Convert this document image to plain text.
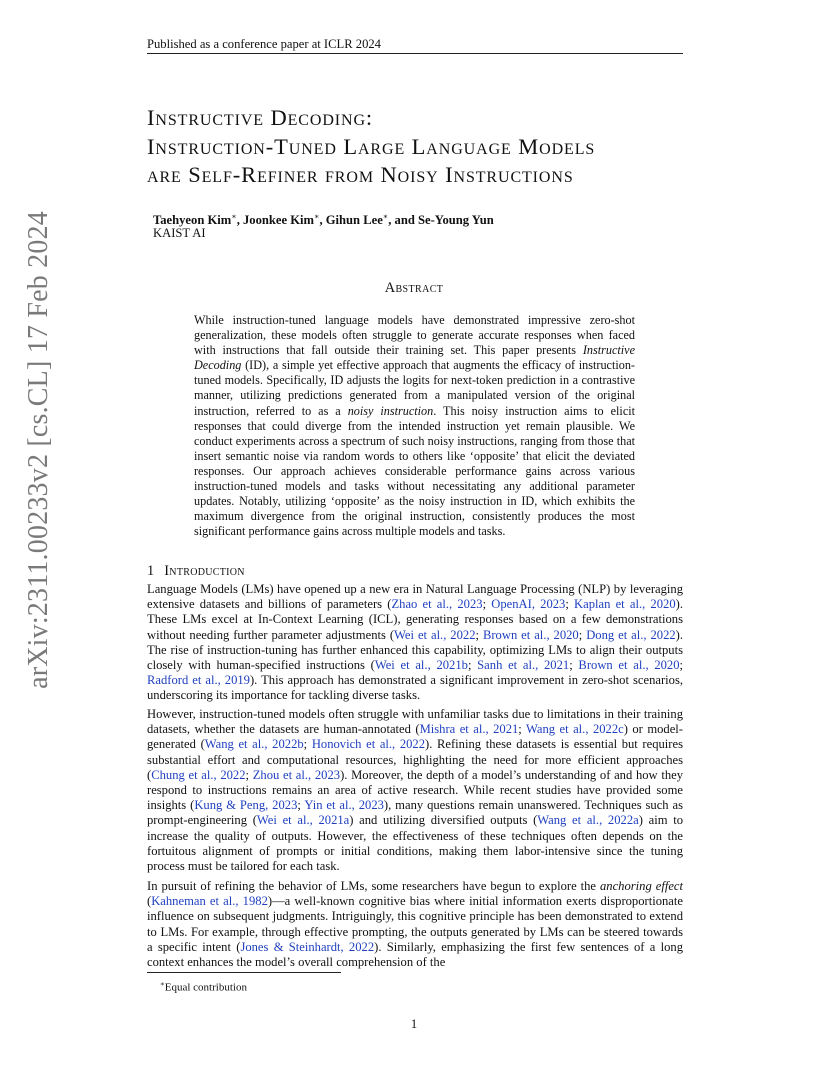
Published as a conference paper at ICLR 2024
arXiv:2311.00233v2 [cs.CL] 17 Feb 2024
Instructive Decoding:
Instruction-Tuned Large Language Models
are Self-Refiner from Noisy Instructions
Taehyeon Kim∗, Joonkee Kim∗, Gihun Lee∗, and Se-Young Yun
KAIST AI
Abstract
While instruction-tuned language models have demonstrated impressive zero-shot generalization, these models often struggle to generate accurate responses when faced with instructions that fall outside their training set. This paper presents Instructive Decoding (ID), a simple yet effective approach that augments the efficacy of instruction-tuned models. Specifically, ID adjusts the logits for next-token prediction in a contrastive manner, utilizing predictions generated from a manipulated version of the original instruction, referred to as a noisy instruction. This noisy instruction aims to elicit responses that could diverge from the intended instruction yet remain plausible. We conduct experiments across a spectrum of such noisy instructions, ranging from those that insert semantic noise via random words to others like ‘opposite’ that elicit the deviated responses. Our approach achieves considerable performance gains across various instruction-tuned models and tasks without necessitating any additional parameter updates. Notably, utilizing ‘opposite’ as the noisy instruction in ID, which exhibits the maximum divergence from the original instruction, consistently produces the most significant performance gains across multiple models and tasks.
1 Introduction
Language Models (LMs) have opened up a new era in Natural Language Processing (NLP) by leveraging extensive datasets and billions of parameters (Zhao et al., 2023; OpenAI, 2023; Kaplan et al., 2020). These LMs excel at In-Context Learning (ICL), generating responses based on a few demonstrations without needing further parameter adjustments (Wei et al., 2022; Brown et al., 2020; Dong et al., 2022). The rise of instruction-tuning has further enhanced this capability, optimizing LMs to align their outputs closely with human-specified instructions (Wei et al., 2021b; Sanh et al., 2021; Brown et al., 2020; Radford et al., 2019). This approach has demonstrated a significant improvement in zero-shot scenarios, underscoring its importance for tackling diverse tasks.
However, instruction-tuned models often struggle with unfamiliar tasks due to limitations in their training datasets, whether the datasets are human-annotated (Mishra et al., 2021; Wang et al., 2022c) or model-generated (Wang et al., 2022b; Honovich et al., 2022). Refining these datasets is essential but requires substantial effort and computational resources, highlighting the need for more efficient approaches (Chung et al., 2022; Zhou et al., 2023). Moreover, the depth of a model’s understanding of and how they respond to instructions remains an area of active research. While recent studies have provided some insights (Kung & Peng, 2023; Yin et al., 2023), many questions remain unanswered. Techniques such as prompt-engineering (Wei et al., 2021a) and utilizing diversified outputs (Wang et al., 2022a) aim to increase the quality of outputs. However, the effectiveness of these techniques often depends on the fortuitous alignment of prompts or initial conditions, making them labor-intensive since the tuning process must be tailored for each task.
In pursuit of refining the behavior of LMs, some researchers have begun to explore the anchoring effect (Kahneman et al., 1982)—a well-known cognitive bias where initial information exerts disproportionate influence on subsequent judgments. Intriguingly, this cognitive principle has been demonstrated to extend to LMs. For example, through effective prompting, the outputs generated by LMs can be steered towards a specific intent (Jones & Steinhardt, 2022). Similarly, emphasizing the first few sentences of a long context enhances the model’s overall comprehension of the
∗Equal contribution
1
